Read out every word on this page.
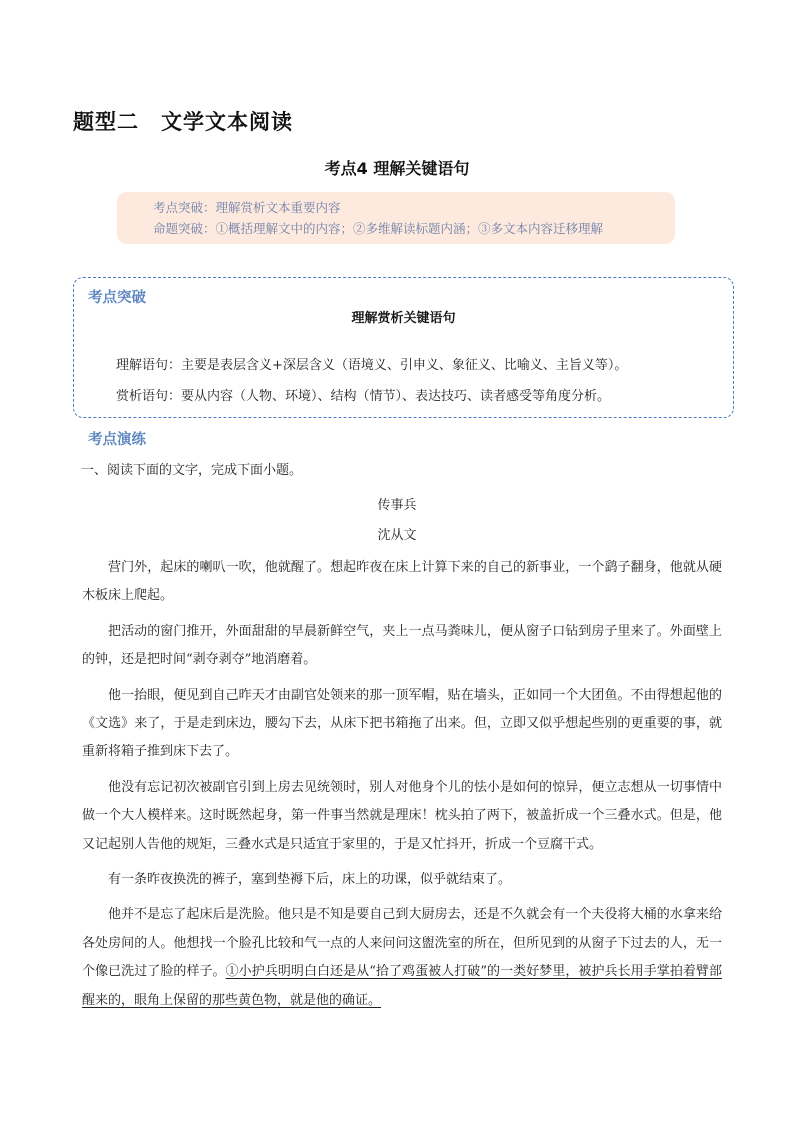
题型二　文学文本阅读
考点4 理解关键语句
考点突破：理解赏析文本重要内容
命题突破：①概括理解文中的内容；②多维解读标题内涵；③多文本内容迁移理解
考点突破
理解赏析关键语句
理解语句：主要是表层含义+深层含义（语境义、引申义、象征义、比喻义、主旨义等）。
赏析语句：要从内容（人物、环境）、结构（情节）、表达技巧、读者感受等角度分析。
考点演练
一、阅读下面的文字，完成下面小题。
传事兵
沈从文

营门外，起床的喇叭一吹，他就醒了。想起昨夜在床上计算下来的自己的新事业，一个鹞子翻身，他就从硬木板床上爬起。

把活动的窗门推开，外面甜甜的早晨新鲜空气，夹上一点马粪味儿，便从窗子口钻到房子里来了。外面壁上的钟，还是把时间“剥夺剥夺”地消磨着。

他一抬眼，便见到自己昨天才由副官处领来的那一顶军帽，贴在墙头，正如同一个大团鱼。不由得想起他的《文选》来了，于是走到床边，腰勾下去，从床下把书箱拖了出来。但，立即又似乎想起些别的更重要的事，就重新将箱子推到床下去了。

他没有忘记初次被副官引到上房去见统领时，别人对他身个儿的怯小是如何的惊异，便立志想从一切事情中做一个大人模样来。这时既然起身，第一件事当然就是理床！枕头拍了两下，被盖折成一个三叠水式。但是，他又记起别人告他的规矩，三叠水式是只适宜于家里的，于是又忙抖开，折成一个豆腐干式。

有一条昨夜换洗的裤子，塞到垫褥下后，床上的功课，似乎就结束了。

他并不是忘了起床后是洗脸。他只是不知是要自己到大厨房去，还是不久就会有一个夫役将大桶的水拿来给各处房间的人。他想找一个脸孔比较和气一点的人来问问这盥洗室的所在，但所见到的从窗子下过去的人，无一个像已洗过了脸的样子。①小护兵明明白白还是从“拾了鸡蛋被人打破”的一类好梦里，被护兵长用手掌拍着臂部醒来的，眼角上保留的那些黄色物，就是他的确证。
